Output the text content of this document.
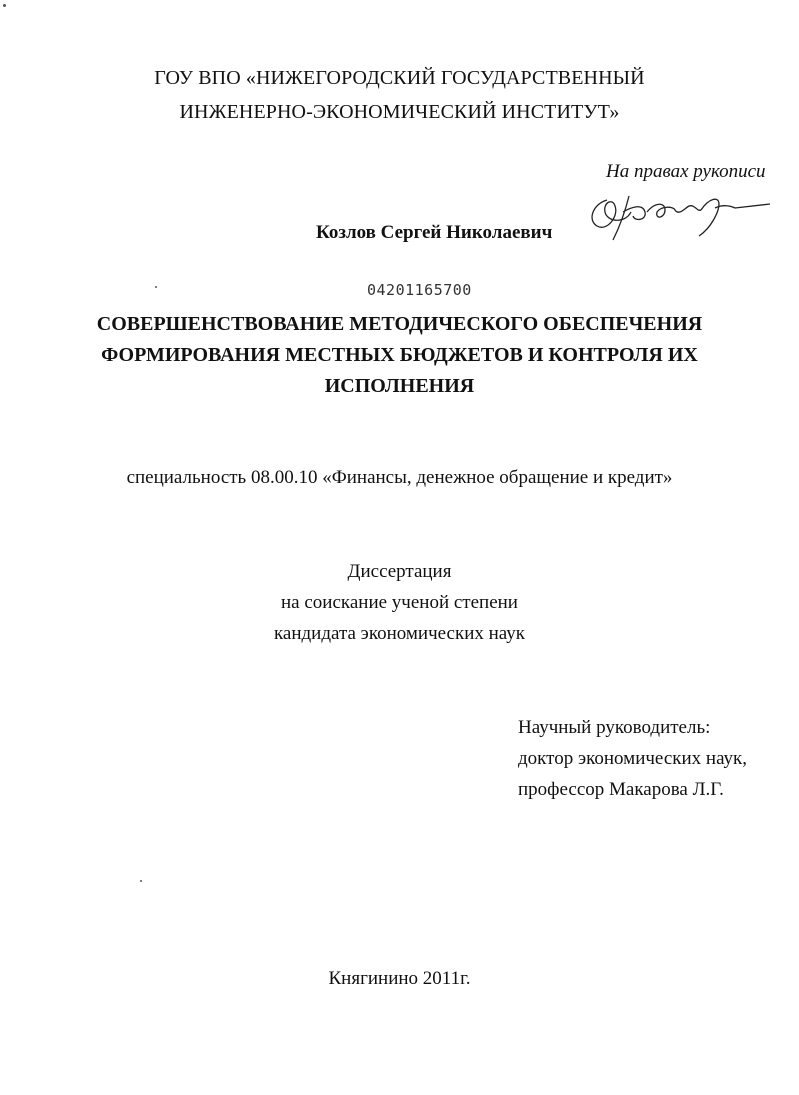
ГОУ ВПО «НИЖЕГОРОДСКИЙ ГОСУДАРСТВЕННЫЙ
ИНЖЕНЕРНО-ЭКОНОМИЧЕСКИЙ ИНСТИТУТ»
На правах рукописи
Козлов Сергей Николаевич
04201165700
СОВЕРШЕНСТВОВАНИЕ МЕТОДИЧЕСКОГО ОБЕСПЕЧЕНИЯ
ФОРМИРОВАНИЯ МЕСТНЫХ БЮДЖЕТОВ И КОНТРОЛЯ ИХ
ИСПОЛНЕНИЯ
специальность 08.00.10 «Финансы, денежное обращение и кредит»
Диссертация
на соискание ученой степени
кандидата экономических наук
Научный руководитель:
доктор экономических наук,
профессор Макарова Л.Г.
Княгинино 2011г.
